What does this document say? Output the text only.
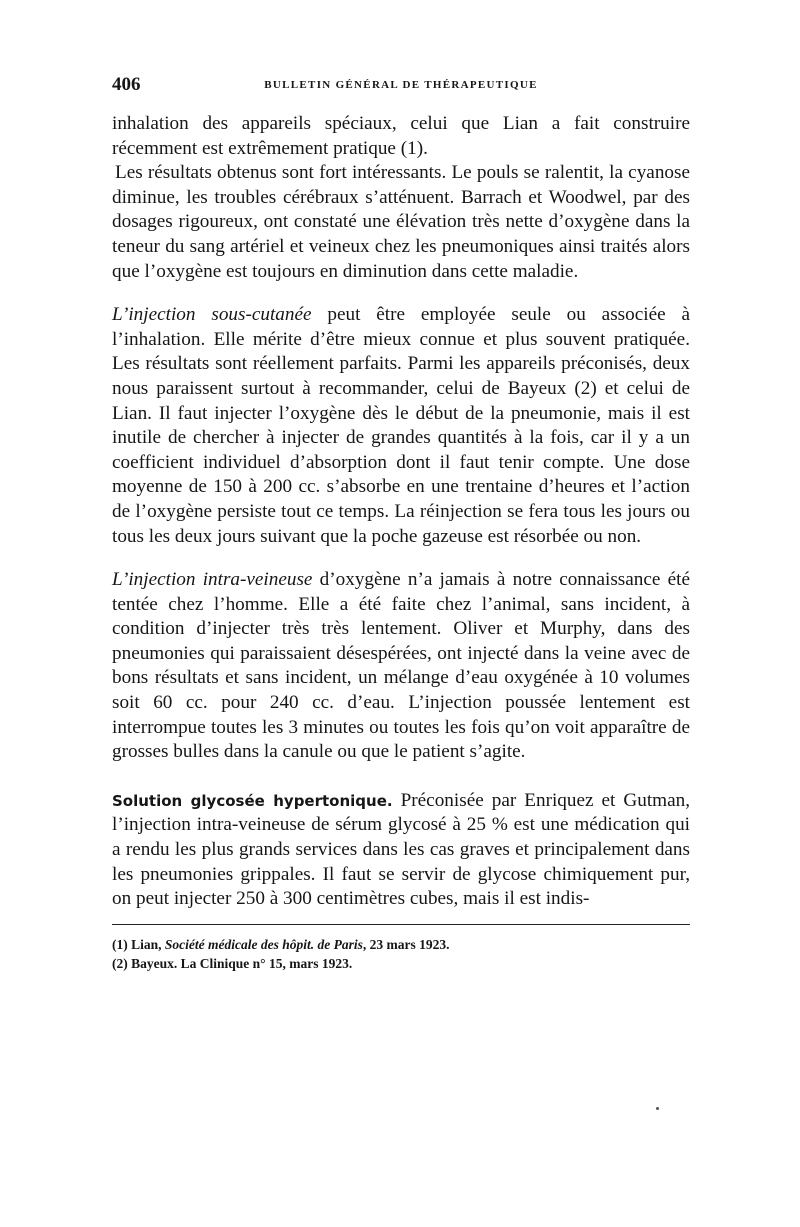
406	BULLETIN GÉNÉRAL DE THÉRAPEUTIQUE

inhalation des appareils spéciaux, celui que Lian a fait construire récemment est extrêmement pratique (1).

Les résultats obtenus sont fort intéressants. Le pouls se ralentit, la cyanose diminue, les troubles cérébraux s’atténuent. Barrach et Woodwel, par des dosages rigoureux, ont constaté une élévation très nette d’oxygène dans la teneur du sang artériel et veineux chez les pneumoniques ainsi traités alors que l’oxygène est toujours en diminution dans cette maladie.

L’injection sous-cutanée peut être employée seule ou associée à l’inhalation. Elle mérite d’être mieux connue et plus souvent pratiquée. Les résultats sont réellement parfaits. Parmi les appareils préconisés, deux nous paraissent surtout à recommander, celui de Bayeux (2) et celui de Lian. Il faut injecter l’oxygène dès le début de la pneumonie, mais il est inutile de chercher à injecter de grandes quantités à la fois, car il y a un coefficient individuel d’absorption dont il faut tenir compte. Une dose moyenne de 150 à 200 cc. s’absorbe en une trentaine d’heures et l’action de l’oxygène persiste tout ce temps. La réinjection se fera tous les jours ou tous les deux jours suivant que la poche gazeuse est résorbée ou non.

L’injection intra-veineuse d’oxygène n’a jamais à notre connaissance été tentée chez l’homme. Elle a été faite chez l’animal, sans incident, à condition d’injecter très très lentement. Oliver et Murphy, dans des pneumonies qui paraissaient désespérées, ont injecté dans la veine avec de bons résultats et sans incident, un mélange d’eau oxygénée à 10 volumes soit 60 cc. pour 240 cc. d’eau. L’injection poussée lentement est interrompue toutes les 3 minutes ou toutes les fois qu’on voit apparaître de grosses bulles dans la canule ou que le patient s’agite.

Solution glycosée hypertonique. Préconisée par Enriquez et Gutman, l’injection intra-veineuse de sérum glycosé à 25 % est une médication qui a rendu les plus grands services dans les cas graves et principalement dans les pneumonies grippales. Il faut se servir de glycose chimiquement pur, on peut injecter 250 à 300 centimètres cubes, mais il est indis-

(1) Lian, Société médicale des hôpit. de Paris, 23 mars 1923.
(2) Bayeux. La Clinique n° 15, mars 1923.
